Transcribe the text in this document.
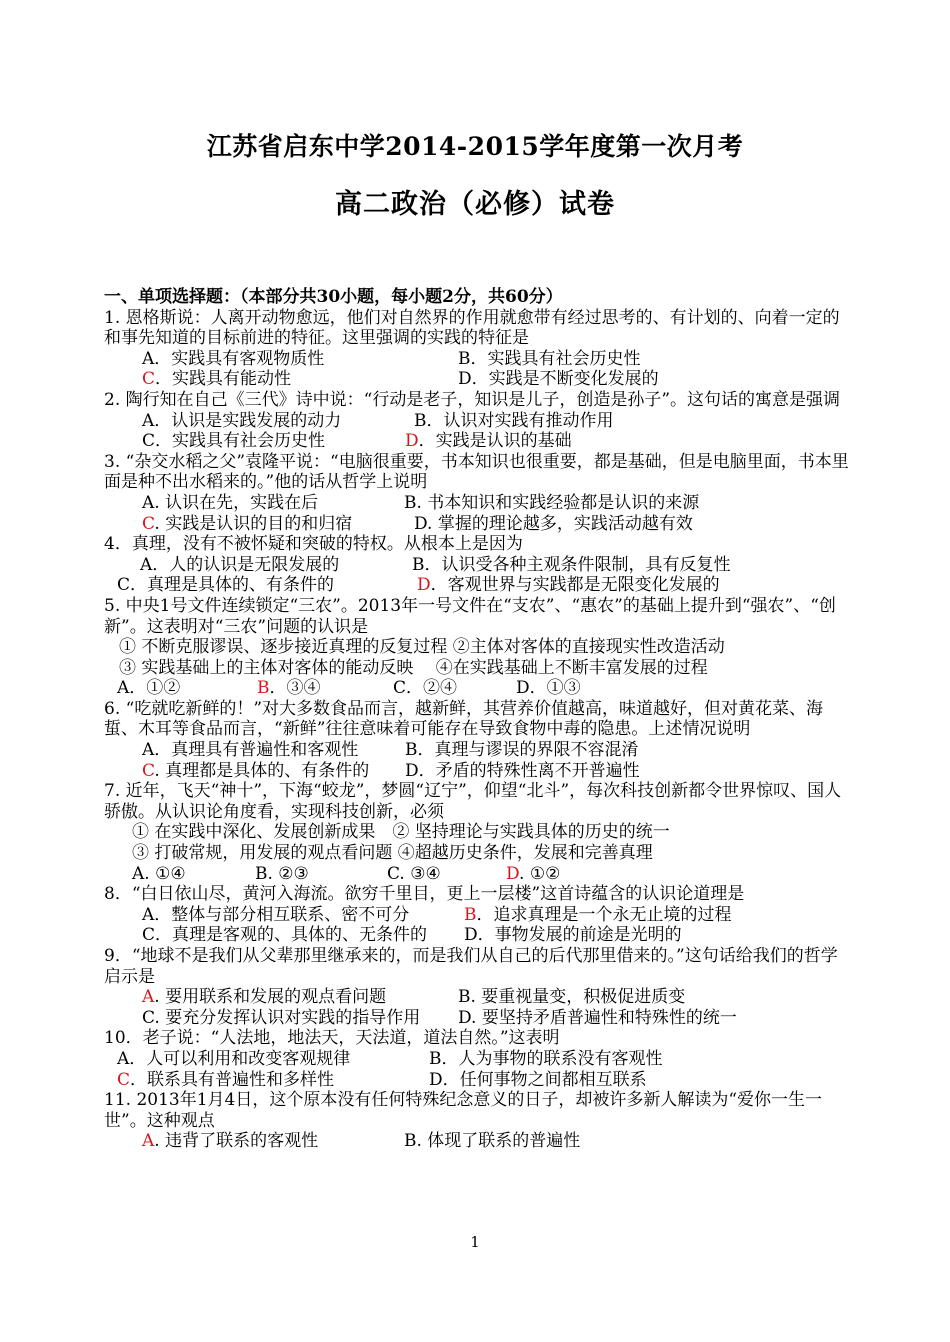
江苏省启东中学2014-2015学年度第一次月考
高二政治（必修）试卷
一、单项选择题：（本部分共30小题，每小题2分，共60分）
1. 恩格斯说：人离开动物愈远，他们对自然界的作用就愈带有经过思考的、有计划的、向着一定的和事先知道的目标前进的特征。这里强调的实践的特征是
A．实践具有客观物质性	B．实践具有社会历史性
C．实践具有能动性	D．实践是不断变化发展的
2. 陶行知在自己《三代》诗中说：“行动是老子，知识是儿子，创造是孙子”。这句话的寓意是强调
A．认识是实践发展的动力	B．认识对实践有推动作用
C．实践具有社会历史性	D．实践是认识的基础
3. “杂交水稻之父”袁隆平说：“电脑很重要，书本知识也很重要，都是基础，但是电脑里面，书本里面是种不出水稻来的。”他的话从哲学上说明
A. 认识在先，实践在后	B. 书本知识和实践经验都是认识的来源
C. 实践是认识的目的和归宿	D. 掌握的理论越多，实践活动越有效
4．真理，没有不被怀疑和突破的特权。从根本上是因为
A．人的认识是无限发展的	B．认识受各种主观条件限制，具有反复性
C．真理是具体的、有条件的	D．客观世界与实践都是无限变化发展的
5. 中央1号文件连续锁定“三农”。2013年一号文件在“支农”、“惠农”的基础上提升到“强农”、“创新”。这表明对“三农”问题的认识是
① 不断克服谬误、逐步接近真理的反复过程 ②主体对客体的直接现实性改造活动
③ 实践基础上的主体对客体的能动反映　 ④在实践基础上不断丰富发展的过程
A．①②	B．③④	C．②④	D．①③
6. “吃就吃新鲜的！”对大多数食品而言，越新鲜，其营养价值越高，味道越好，但对黄花菜、海蜇、木耳等食品而言，“新鲜”往往意味着可能存在导致食物中毒的隐患。上述情况说明
A．真理具有普遍性和客观性	B．真理与谬误的界限不容混淆
C. 真理都是具体的、有条件的 D．矛盾的特殊性离不开普遍性
7. 近年，飞天“神十”，下海“蛟龙”，梦圆“辽宁”，仰望“北斗”，每次科技创新都令世界惊叹、国人骄傲。从认识论角度看，实现科技创新，必须
① 在实践中深化、发展创新成果　② 坚持理论与实践具体的历史的统一
③ 打破常规，用发展的观点看问题 ④超越历史条件，发展和完善真理
A. ①④	B. ②③	C. ③④	D. ①②
8．“白日依山尽，黄河入海流。欲穷千里目，更上一层楼”这首诗蕴含的认识论道理是
A．整体与部分相互联系、密不可分	B．追求真理是一个永无止境的过程
C．真理是客观的、具体的、无条件的 D．事物发展的前途是光明的
9．“地球不是我们从父辈那里继承来的，而是我们从自己的后代那里借来的。”这句话给我们的哲学启示是
A. 要用联系和发展的观点看问题	B. 要重视量变，积极促进质变
C. 要充分发挥认识对实践的指导作用 D. 要坚持矛盾普遍性和特殊性的统一
10．老子说：“人法地，地法天，天法道，道法自然。”这表明
A．人可以利用和改变客观规律	B．人为事物的联系没有客观性
C．联系具有普遍性和多样性	D．任何事物之间都相互联系
11. 2013年1月4日，这个原本没有任何特殊纪念意义的日子，却被许多新人解读为“爱你一生一世”。这种观点
A. 违背了联系的客观性	B. 体现了联系的普遍性
1
